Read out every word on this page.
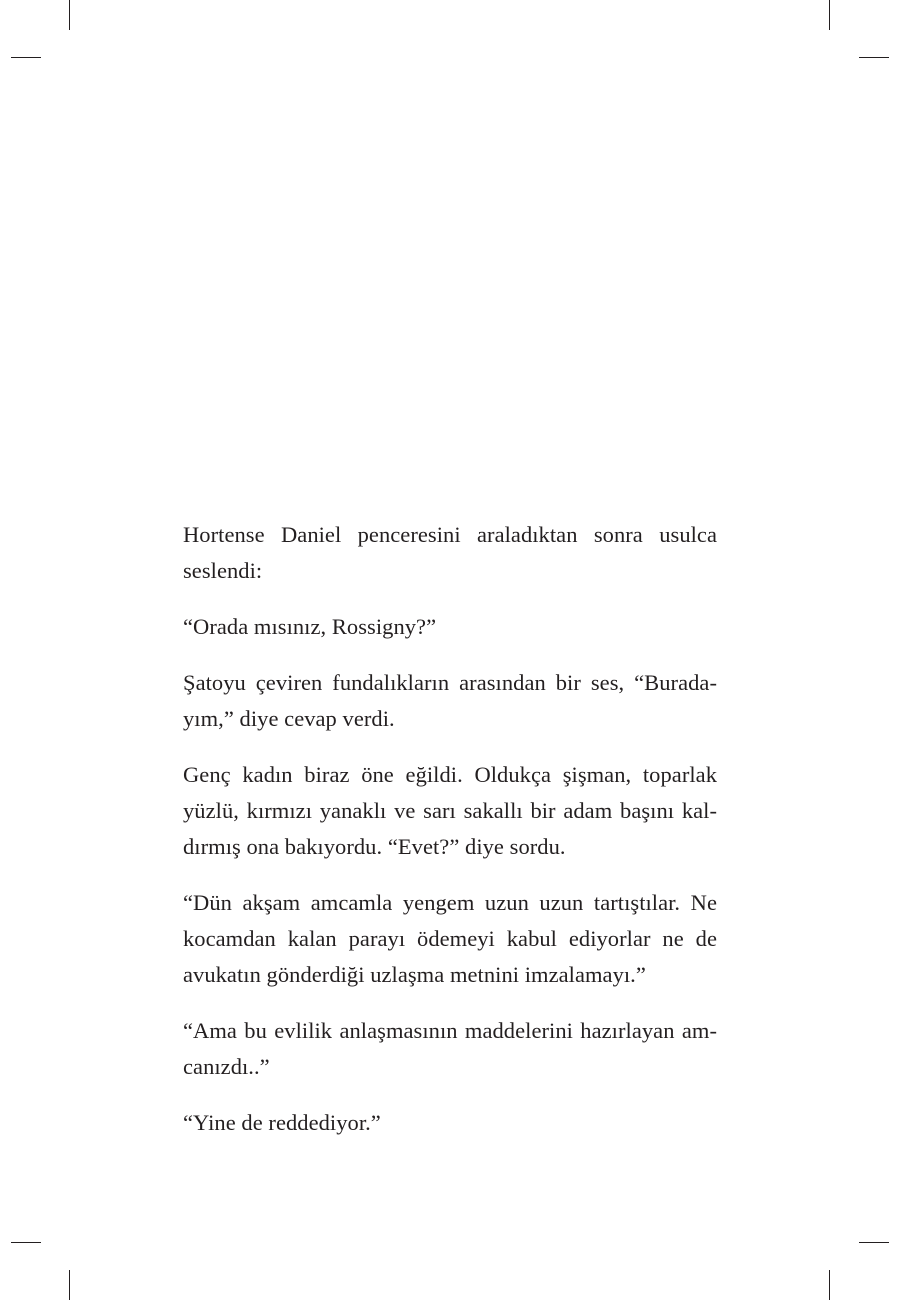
Hortense Daniel penceresini araladıktan sonra usulca
seslendi:

“Orada mısınız, Rossigny?”

Şatoyu çeviren fundalıkların arasından bir ses, “Burada-
yım,” diye cevap verdi.

Genç kadın biraz öne eğildi. Oldukça şişman, toparlak
yüzlü, kırmızı yanaklı ve sarı sakallı bir adam başını kal-
dırmış ona bakıyordu. “Evet?” diye sordu.

“Dün akşam amcamla yengem uzun uzun tartıştılar. Ne
kocamdan kalan parayı ödemeyi kabul ediyorlar ne de
avukatın gönderdiği uzlaşma metnini imzalamayı.”

“Ama bu evlilik anlaşmasının maddelerini hazırlayan am-
canızdı..”

“Yine de reddediyor.”
